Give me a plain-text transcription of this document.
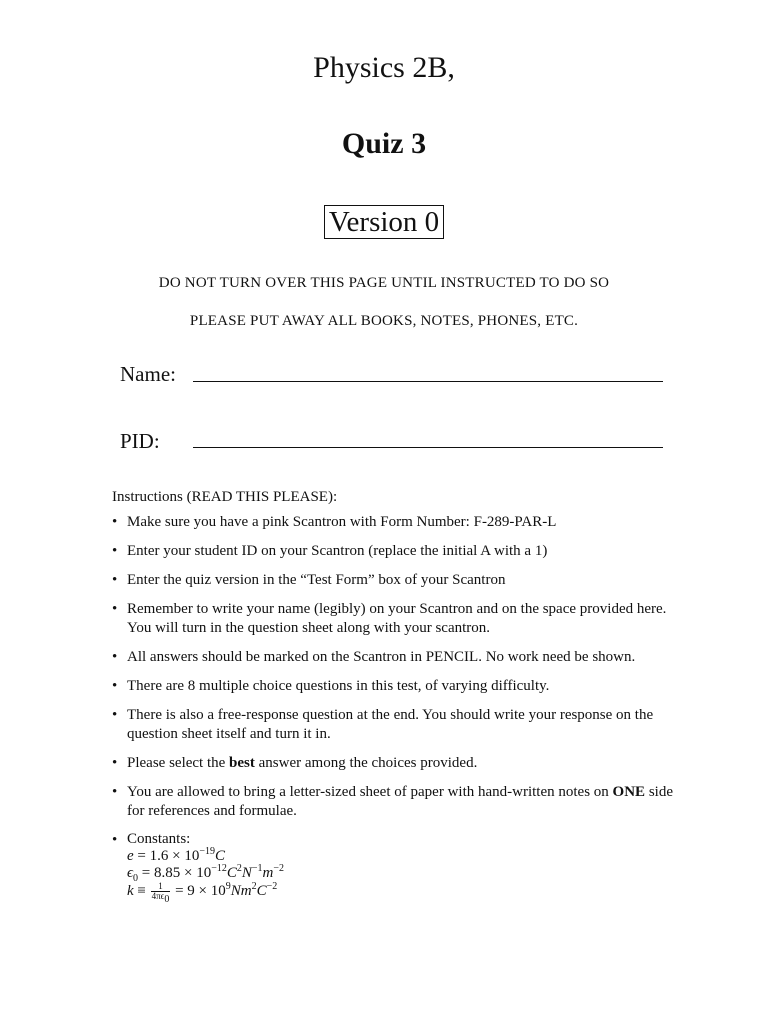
Physics 2B,
Quiz 3
Version 0
DO NOT TURN OVER THIS PAGE UNTIL INSTRUCTED TO DO SO
PLEASE PUT AWAY ALL BOOKS, NOTES, PHONES, ETC.
Name:
PID:
Instructions (READ THIS PLEASE):
• Make sure you have a pink Scantron with Form Number: F-289-PAR-L
• Enter your student ID on your Scantron (replace the initial A with a 1)
• Enter the quiz version in the “Test Form” box of your Scantron
• Remember to write your name (legibly) on your Scantron and on the space provided here. You will turn in the question sheet along with your scantron.
• All answers should be marked on the Scantron in PENCIL. No work need be shown.
• There are 8 multiple choice questions in this test, of varying difficulty.
• There is also a free-response question at the end. You should write your response on the question sheet itself and turn it in.
• Please select the best answer among the choices provided.
• You are allowed to bring a letter-sized sheet of paper with hand-written notes on ONE side for references and formulae.
• Constants:
$e = 1.6 \times 10^{-19}C$
$\epsilon_0 = 8.85 \times 10^{-12}C^2N^{-1}m^{-2}$
$k \equiv \frac{1}{4\pi\epsilon_0} = 9 \times 10^9Nm^2C^{-2}$
